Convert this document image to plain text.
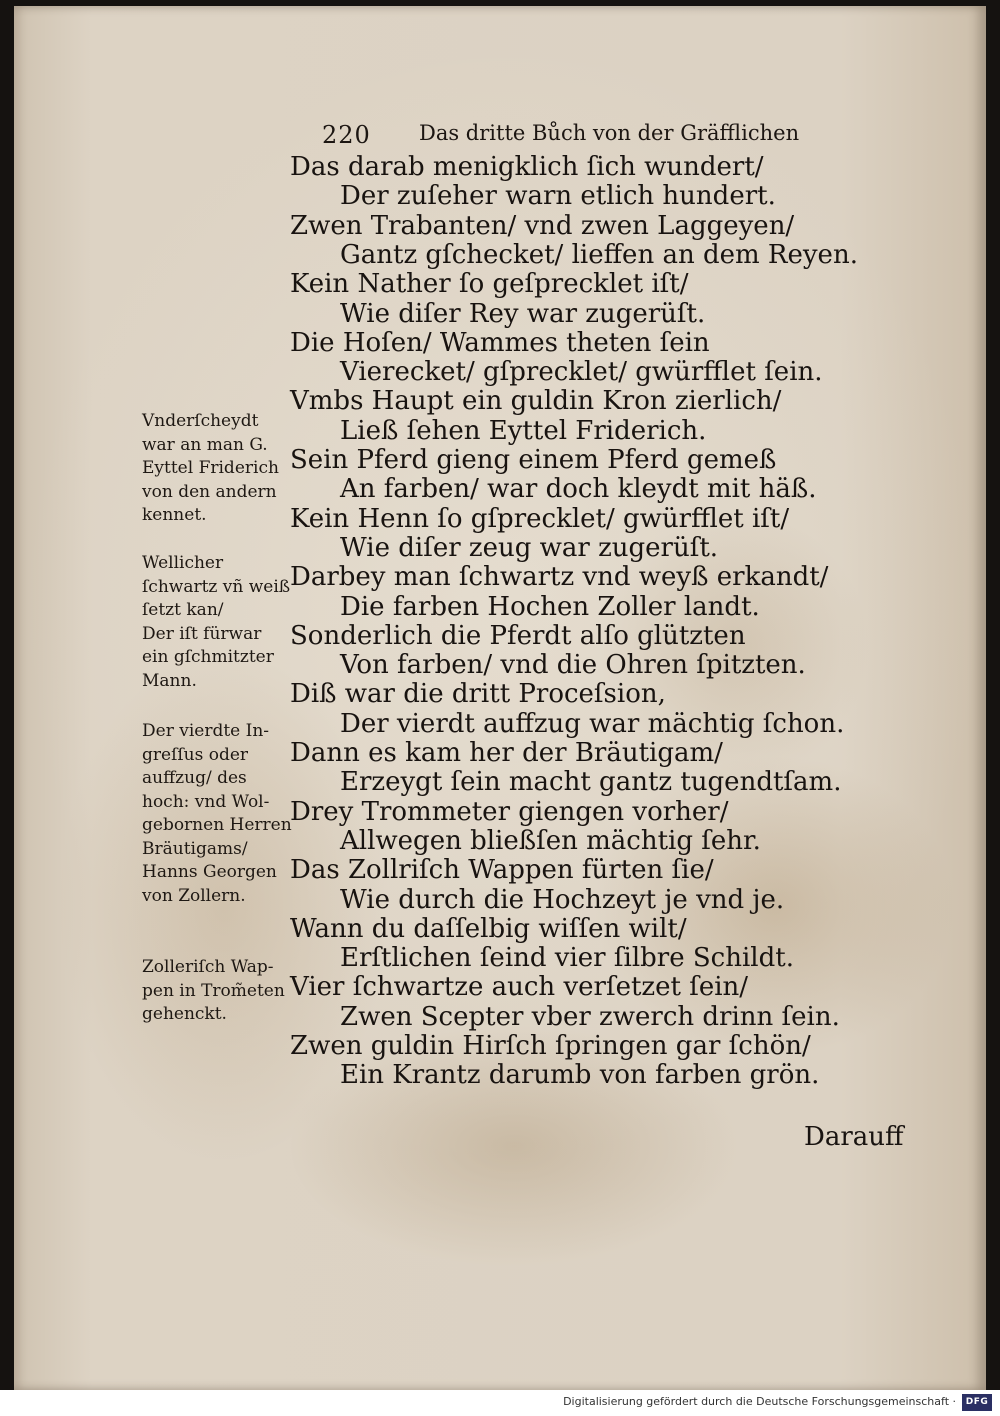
220 Das dritte Bůch von der Gräfflichen
Das darab menigklich ſich wundert/
Der zuſeher warn etlich hundert.
Zwen Trabanten/ vnd zwen Laggeyen/
Gantz gſchecket/ lieffen an dem Reyen.
Kein Nather ſo geſprecklet iſt/
Wie diſer Rey war zugerüſt.
Die Hoſen/ Wammes theten ſein
Vierecket/ gſprecklet/ gwürfflet ſein.
Vmbs Haupt ein guldin Kron zierlich/
Ließ ſehen Eyttel Friderich.
Sein Pferd gieng einem Pferd gemeß
An farben/ war doch kleydt mit häß.
Kein Henn ſo gſprecklet/ gwürfflet iſt/
Wie diſer zeug war zugerüſt.
Darbey man ſchwartz vnd weyß erkandt/
Die farben Hochen Zoller landt.
Sonderlich die Pferdt alſo glützten
Von farben/ vnd die Ohren ſpitzten.
Diß war die dritt Proceſsion,
Der vierdt auffzug war mächtig ſchon.
Dann es kam her der Bräutigam/
Erzeygt ſein macht gantz tugendtſam.
Drey Trommeter giengen vorher/
Allwegen bließſen mächtig ſehr.
Das Zollriſch Wappen fürten ſie/
Wie durch die Hochzeyt je vnd je.
Wann du daſſelbig wiſſen wilt/
Erſtlichen ſeind vier ſilbre Schildt.
Vier ſchwartze auch verſetzet ſein/
Zwen Scepter vber zwerch drinn ſein.
Zwen guldin Hirſch ſpringen gar ſchön/
Ein Krantz darumb von farben grön.
Vnderſcheydt
war an man G.
Eyttel Friderich
von den andern
kennet.
Wellicher
ſchwartz vñ weiß
ſetzt kan/
Der iſt fürwar
ein gſchmitzter
Mann.
Der vierdte In-
greſſus oder
auffzug/ des
hoch: vnd Wol-
gebornen Herren
Bräutigams/
Hanns Georgen
von Zollern.
Zolleriſch Wap-
pen in Trom̃eten
gehenckt.
Darauff
Digitalisierung gefördert durch die Deutsche Forschungsgemeinschaft ·	DFG
